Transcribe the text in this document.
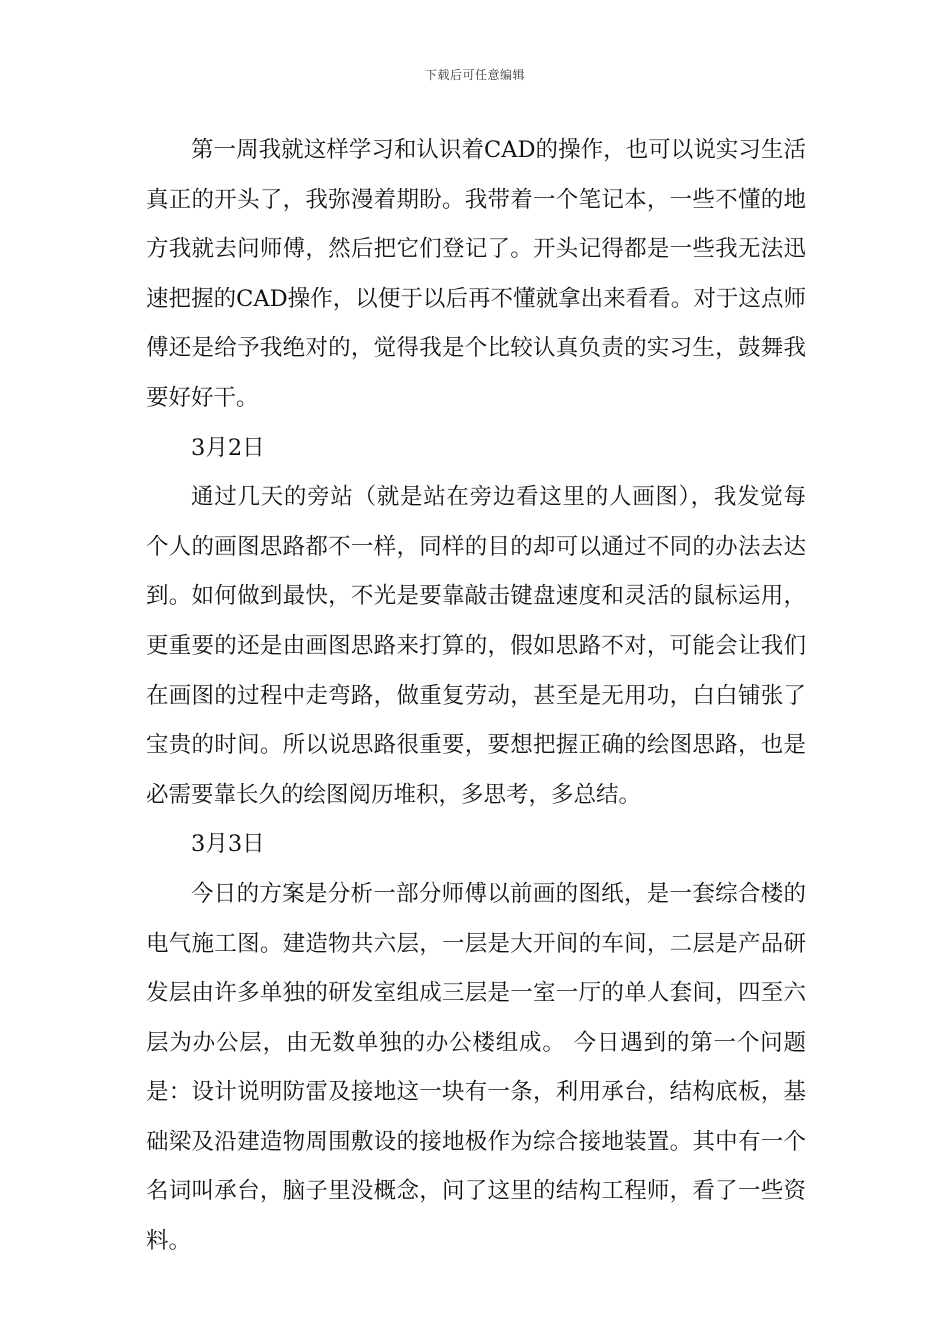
下载后可任意编辑

第一周我就这样学习和认识着CAD的操作，也可以说实习生活真正的开头了，我弥漫着期盼。我带着一个笔记本，一些不懂的地方我就去问师傅，然后把它们登记了。开头记得都是一些我无法迅速把握的CAD操作，以便于以后再不懂就拿出来看看。对于这点师傅还是给予我绝对的，觉得我是个比较认真负责的实习生，鼓舞我要好好干。

3月2日

通过几天的旁站（就是站在旁边看这里的人画图），我发觉每个人的画图思路都不一样，同样的目的却可以通过不同的办法去达到。如何做到最快，不光是要靠敲击键盘速度和灵活的鼠标运用，更重要的还是由画图思路来打算的，假如思路不对，可能会让我们在画图的过程中走弯路，做重复劳动，甚至是无用功，白白铺张了宝贵的时间。所以说思路很重要，要想把握正确的绘图思路，也是必需要靠长久的绘图阅历堆积，多思考，多总结。

3月3日

今日的方案是分析一部分师傅以前画的图纸，是一套综合楼的电气施工图。建造物共六层，一层是大开间的车间，二层是产品研发层由许多单独的研发室组成三层是一室一厅的单人套间，四至六层为办公层，由无数单独的办公楼组成。 今日遇到的第一个问题是：设计说明防雷及接地这一块有一条，利用承台，结构底板，基础梁及沿建造物周围敷设的接地极作为综合接地装置。其中有一个名词叫承台，脑子里没概念，问了这里的结构工程师，看了一些资料。
